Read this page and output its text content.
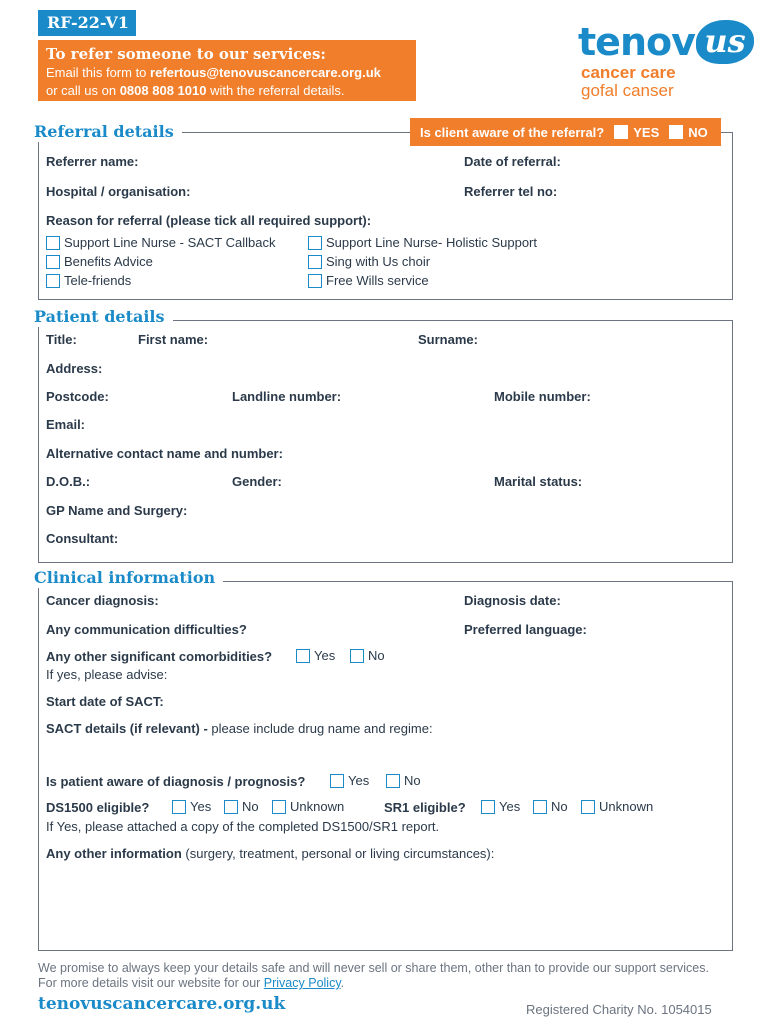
RF-22-V1
To refer someone to our services:
Email this form to refertous@tenovuscancercare.org.uk
or call us on 0808 808 1010 with the referral details.
tenov us
cancer care
gofal canser
Referral details	Is client aware of the referral? YES NO
Referrer name:	Date of referral:
Hospital / organisation:	Referrer tel no:
Reason for referral (please tick all required support):
Support Line Nurse - SACT Callback
Benefits Advice
Tele-friends
Support Line Nurse- Holistic Support
Sing with Us choir
Free Wills service
Patient details
Title:	First name:	Surname:
Address:
Postcode:	Landline number:	Mobile number:
Email:
Alternative contact name and number:
D.O.B.:	Gender:	Marital status:
GP Name and Surgery:
Consultant:
Clinical information
Cancer diagnosis:	Diagnosis date:
Any communication difficulties?	Preferred language:
Any other significant comorbidities?	Yes	No
If yes, please advise:
Start date of SACT:
SACT details (if relevant) - please include drug name and regime:
Is patient aware of diagnosis / prognosis?	Yes	No
DS1500 eligible?	Yes No Unknown	SR1 eligible?	Yes No Unknown
If Yes, please attached a copy of the completed DS1500/SR1 report.
Any other information (surgery, treatment, personal or living circumstances):
We promise to always keep your details safe and will never sell or share them, other than to provide our support services. For more details visit our website for our Privacy Policy.
tenovuscancercare.org.uk	Registered Charity No. 1054015
